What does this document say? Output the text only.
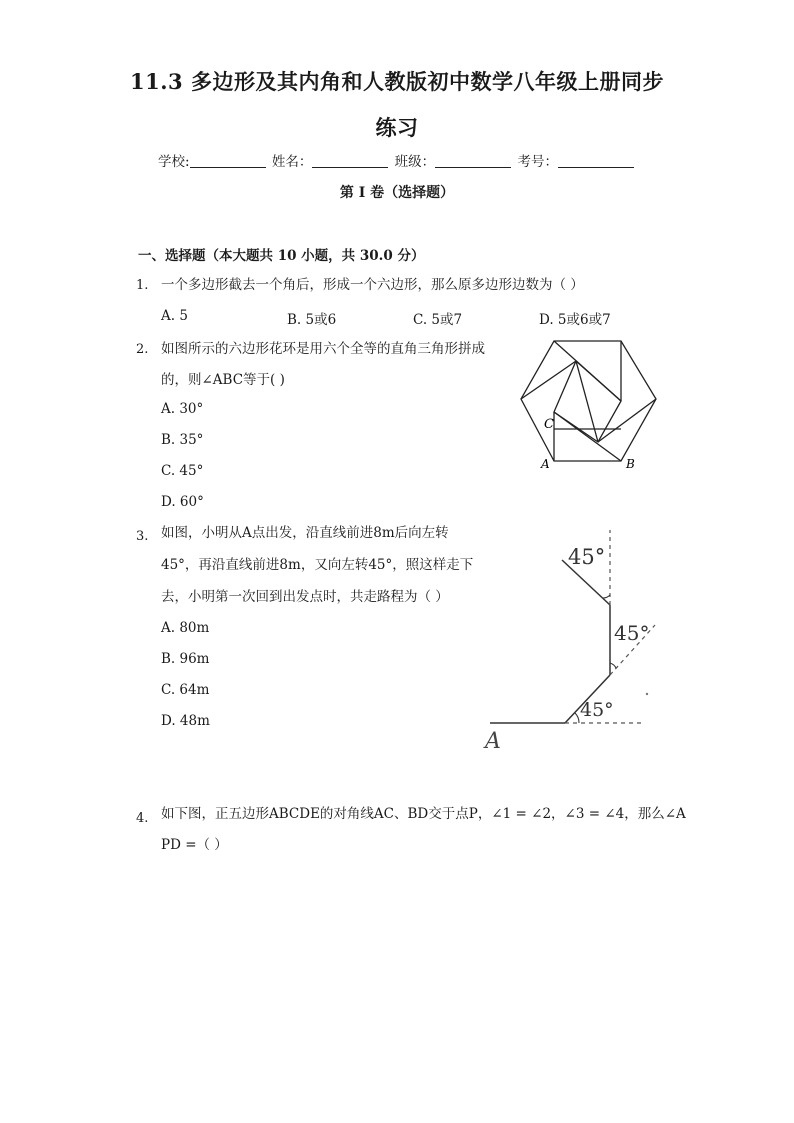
11.3 多边形及其内角和人教版初中数学八年级上册同步
练习
学校:	姓名：	班级：	考号：
第 I 卷（选择题）
一、选择题（本大题共 10 小题，共 30.0 分）
1. 一个多边形截去一个角后，形成一个六边形，那么原多边形边数为（ ）
A. 5	B. 5或6	C. 5或7	D. 5或6或7
2. 如图所示的六边形花环是用六个全等的直角三角形拼成
的，则∠ABC等于( )
A. 30°
B. 35°
C. 45°
D. 60°
C
A	B
3. 如图，小明从A点出发，沿直线前进8m后向左转
45°，再沿直线前进8m，又向左转45°，照这样走下
去，小明第一次回到出发点时，共走路程为（ ）
A. 80m
B. 96m
C. 64m
D. 48m	45°
45°
45°
A
4. 如下图，正五边形ABCDE的对角线AC、BD交于点P，∠1 = ∠2，∠3 = ∠4，那么∠A
PD =（ ）
